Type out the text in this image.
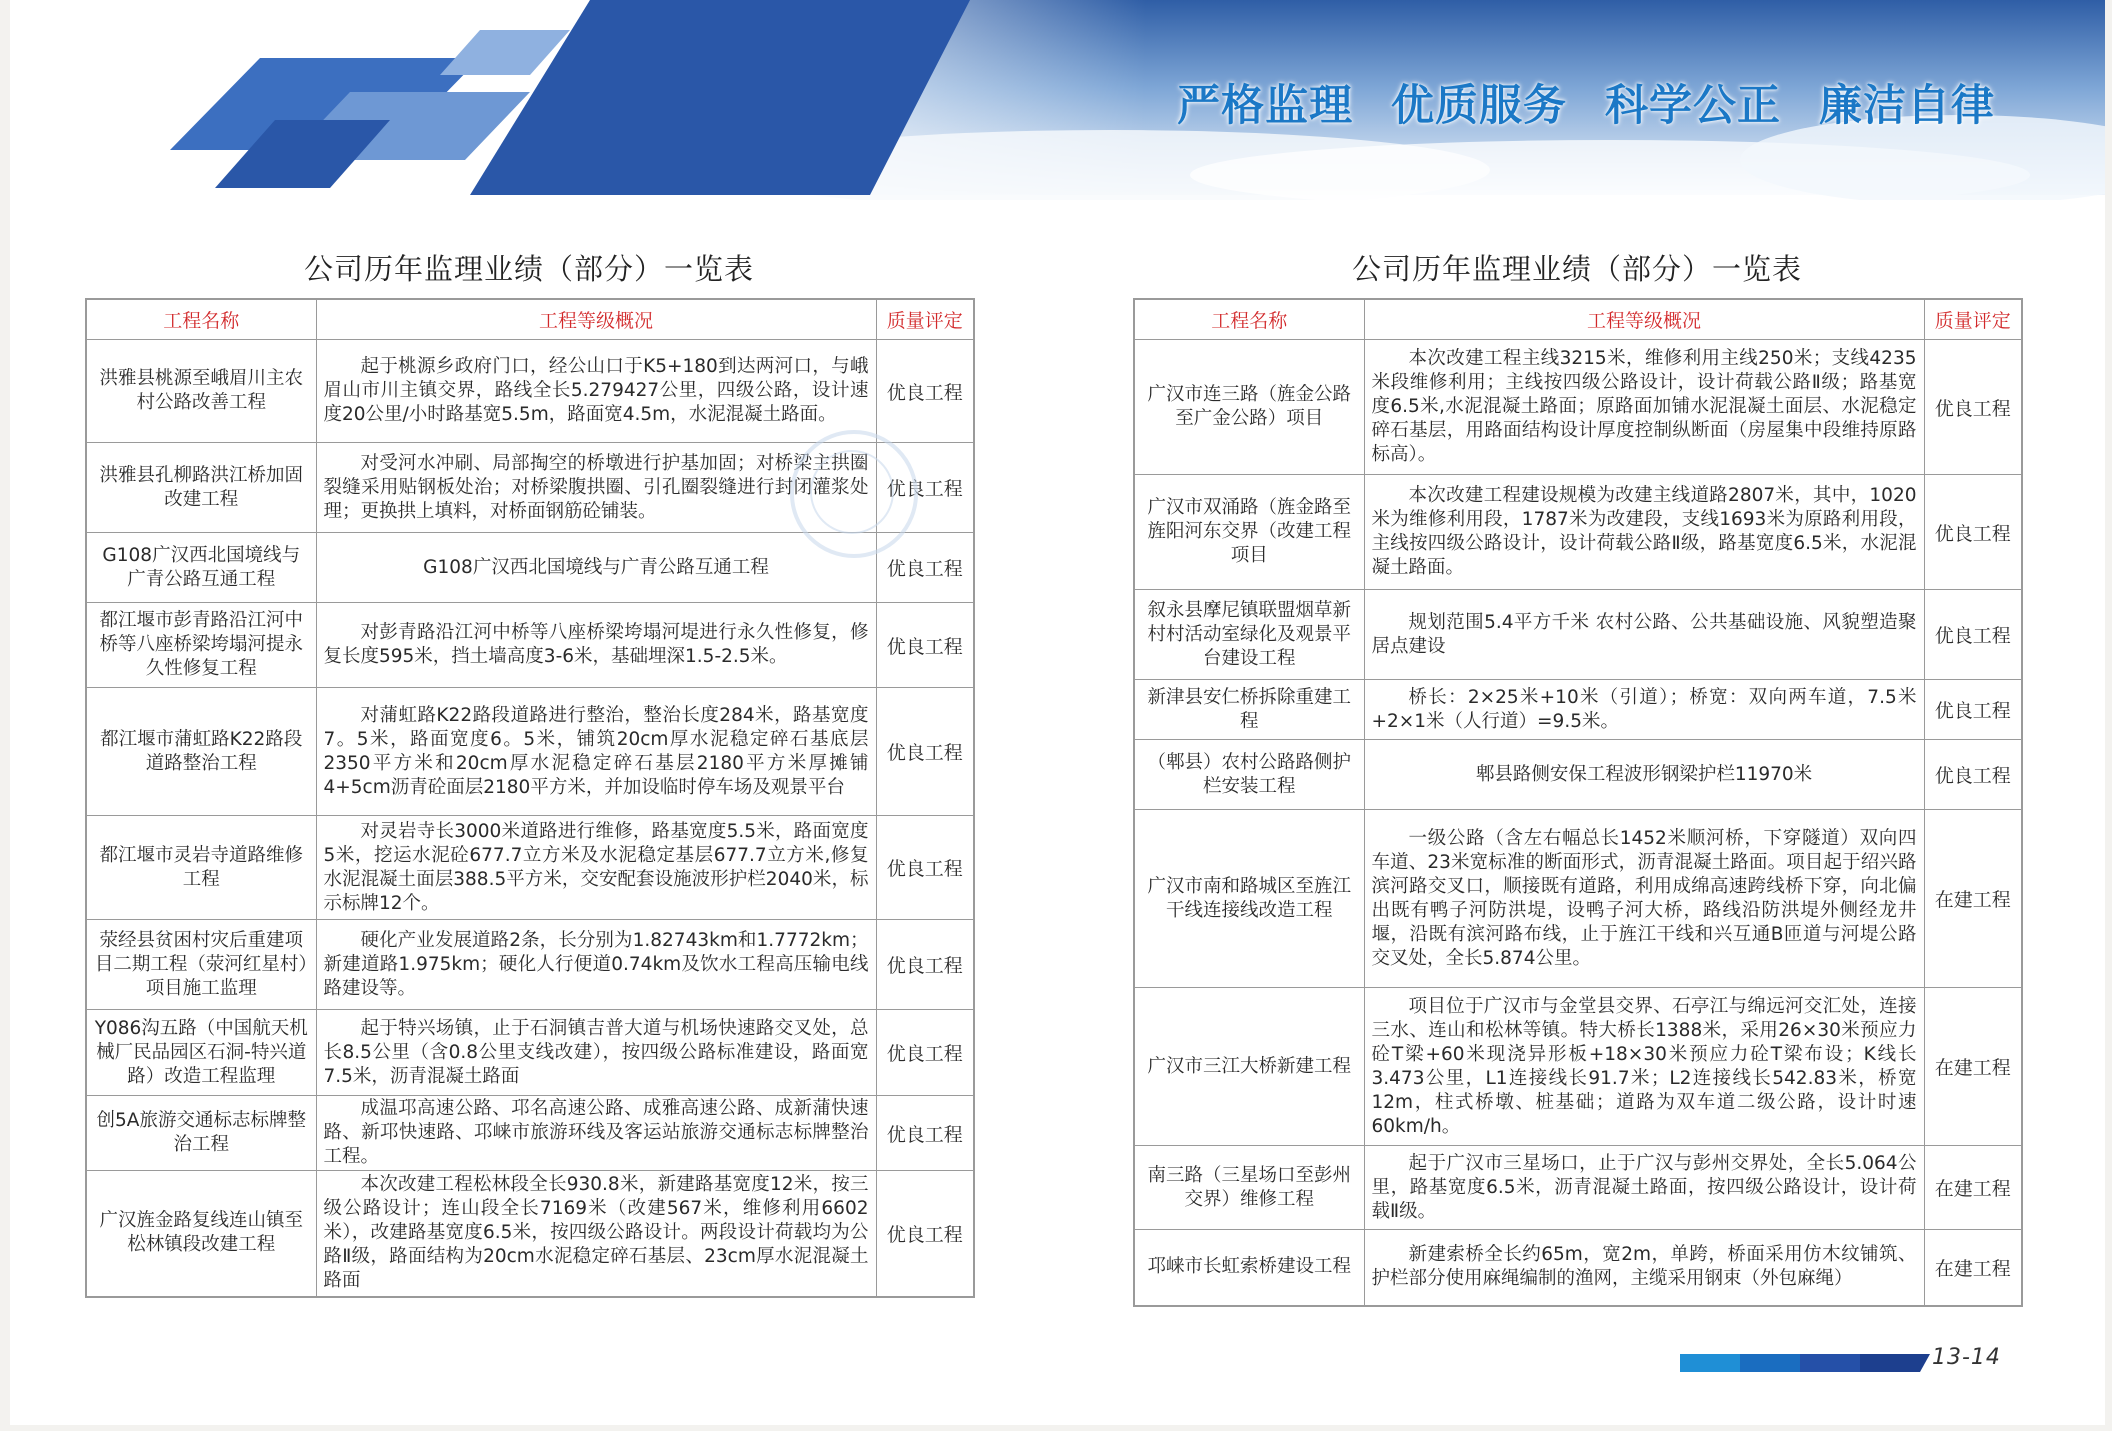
严格监理 优质服务 科学公正 廉洁自律
公司历年监理业绩（部分）一览表
工程名称	工程等级概况	质量评定
洪雅县桃源至峨眉川主农村公路改善工程	起于桃源乡政府门口，经公山口于K5+180到达两河口，与峨眉山市川主镇交界，路线全长5.279427公里，四级公路，设计速度20公里/小时路基宽5.5m，路面宽4.5m，水泥混凝土路面。	优良工程
洪雅县孔柳路洪江桥加固改建工程	对受河水冲刷、局部掏空的桥墩进行护基加固；对桥梁主拱圈裂缝采用贴钢板处治；对桥梁腹拱圈、引孔圈裂缝进行封闭灌浆处理；更换拱上填料，对桥面钢筋砼铺装。	优良工程
G108广汉西北国境线与广青公路互通工程	G108广汉西北国境线与广青公路互通工程	优良工程
都江堰市彭青路沿江河中桥等八座桥梁垮塌河提永久性修复工程	对彭青路沿江河中桥等八座桥梁垮塌河堤进行永久性修复，修复长度595米，挡土墙高度3-6米，基础埋深1.5-2.5米。	优良工程
都江堰市蒲虹路K22路段道路整治工程	对蒲虹路K22路段道路进行整治，整治长度284米，路基宽度7。5米，路面宽度6。5米，铺筑20cm厚水泥稳定碎石基底层2350平方米和20cm厚水泥稳定碎石基层2180平方米厚摊铺4+5cm沥青砼面层2180平方米，并加设临时停车场及观景平台	优良工程
都江堰市灵岩寺道路维修工程	对灵岩寺长3000米道路进行维修，路基宽度5.5米，路面宽度5米，挖运水泥砼677.7立方米及水泥稳定基层677.7立方米,修复水泥混凝土面层388.5平方米，交安配套设施波形护栏2040米，标示标牌12个。	优良工程
荥经县贫困村灾后重建项目二期工程（荥河红星村）项目施工监理	硬化产业发展道路2条，长分别为1.82743km和1.7772km；新建道路1.975km；硬化人行便道0.74km及饮水工程高压输电线路建设等。	优良工程
Y086沟五路（中国航天机械厂民品园区石洞-特兴道路）改造工程监理	起于特兴场镇，止于石洞镇吉普大道与机场快速路交叉处，总长8.5公里（含0.8公里支线改建），按四级公路标准建设，路面宽7.5米，沥青混凝土路面	优良工程
创5A旅游交通标志标牌整治工程	成温邛高速公路、邛名高速公路、成雅高速公路、成新蒲快速路、新邛快速路、邛崃市旅游环线及客运站旅游交通标志标牌整治工程。	优良工程
广汉旌金路复线连山镇至松林镇段改建工程	本次改建工程松林段全长930.8米，新建路基宽度12米，按三级公路设计；连山段全长7169米（改建567米，维修利用6602米），改建路基宽度6.5米，按四级公路设计。两段设计荷载均为公路Ⅱ级，路面结构为20cm水泥稳定碎石基层、23cm厚水泥混凝土路面	优良工程
公司历年监理业绩（部分）一览表
工程名称	工程等级概况	质量评定
广汉市连三路（旌金公路至广金公路）项目	本次改建工程主线3215米，维修利用主线250米；支线4235米段维修利用；主线按四级公路设计，设计荷载公路Ⅱ级；路基宽度6.5米,水泥混凝土路面；原路面加铺水泥混凝土面层、水泥稳定碎石基层，用路面结构设计厚度控制纵断面（房屋集中段维持原路标高）。	优良工程
广汉市双涌路（旌金路至旌阳河东交界（改建工程项目	本次改建工程建设规模为改建主线道路2807米，其中，1020米为维修利用段，1787米为改建段，支线1693米为原路利用段，主线按四级公路设计，设计荷载公路Ⅱ级，路基宽度6.5米，水泥混凝土路面。	优良工程
叙永县摩尼镇联盟烟草新村村活动室绿化及观景平台建设工程	规划范围5.4平方千米 农村公路、公共基础设施、风貌塑造聚居点建设	优良工程
新津县安仁桥拆除重建工程	桥长：2×25米+10米（引道）；桥宽：双向两车道，7.5米+2×1米（人行道）=9.5米。	优良工程
（郫县）农村公路路侧护栏安装工程	郫县路侧安保工程波形钢梁护栏11970米	优良工程
广汉市南和路城区至旌江干线连接线改造工程	一级公路（含左右幅总长1452米顺河桥，下穿隧道）双向四车道、23米宽标准的断面形式，沥青混凝土路面。项目起于绍兴路滨河路交叉口，顺接既有道路，利用成绵高速跨线桥下穿，向北偏出既有鸭子河防洪堤，设鸭子河大桥，路线沿防洪堤外侧经龙井堰，沿既有滨河路布线，止于旌江干线和兴互通B匝道与河堤公路交叉处，全长5.874公里。	在建工程
广汉市三江大桥新建工程	项目位于广汉市与金堂县交界、石亭江与绵远河交汇处，连接三水、连山和松林等镇。特大桥长1388米，采用26×30米预应力砼T梁+60米现浇异形板+18×30米预应力砼T梁布设；K线长3.473公里，L1连接线长91.7米；L2连接线长542.83米，桥宽12m，柱式桥墩、桩基础；道路为双车道二级公路，设计时速60km/h。	在建工程
南三路（三星场口至彭州交界）维修工程	起于广汉市三星场口，止于广汉与彭州交界处，全长5.064公里，路基宽度6.5米，沥青混凝土路面，按四级公路设计，设计荷载Ⅱ级。	在建工程
邛崃市长虹索桥建设工程	新建索桥全长约65m，宽2m，单跨，桥面采用仿木纹铺筑、护栏部分使用麻绳编制的渔网，主缆采用钢束（外包麻绳）	在建工程
13-14
